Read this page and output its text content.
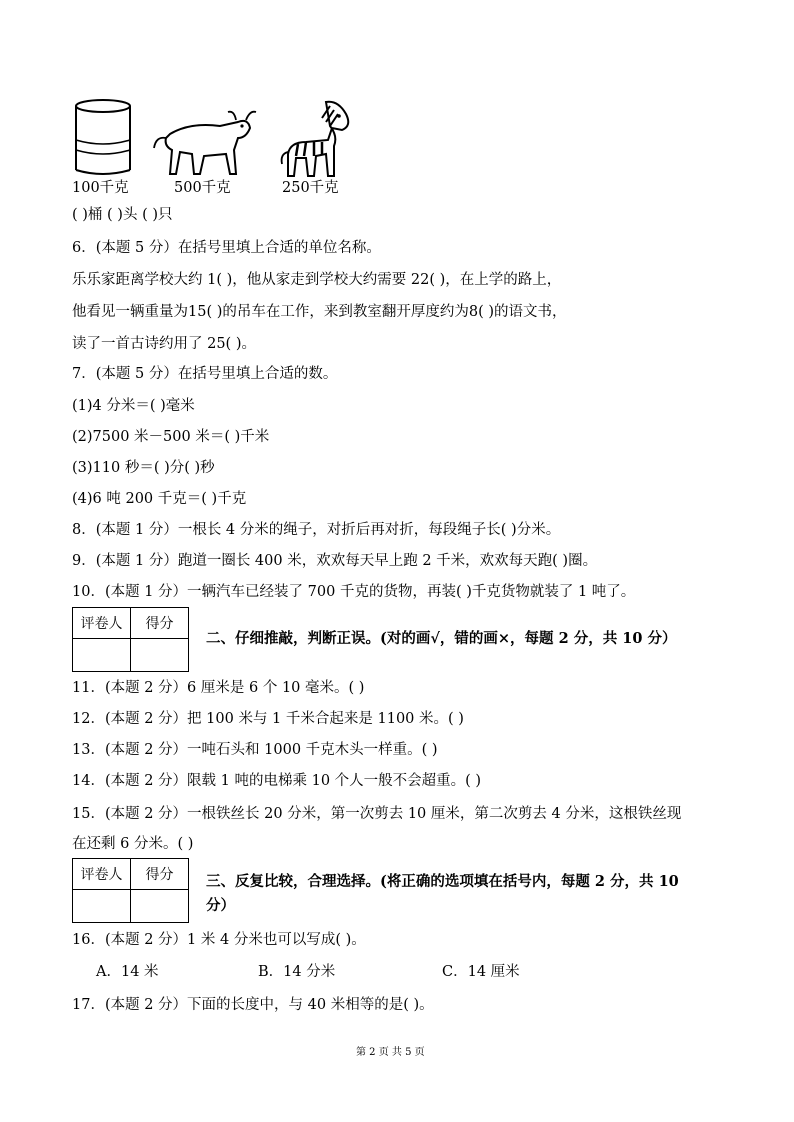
100千克	500千克	250千克
( )桶 ( )头 ( )只
6．(本题 5 分）在括号里填上合适的单位名称。
乐乐家距离学校大约 1( )，他从家走到学校大约需要 22( )，在上学的路上，
他看见一辆重量为15( )的吊车在工作，来到教室翻开厚度约为8( )的语文书，
读了一首古诗约用了 25( )。
7．(本题 5 分）在括号里填上合适的数。
(1)4 分米＝( )毫米
(2)7500 米－500 米＝( )千米
(3)110 秒＝( )分( )秒
(4)6 吨 200 千克＝( )千克
8．(本题 1 分）一根长 4 分米的绳子，对折后再对折，每段绳子长( )分米。
9．(本题 1 分）跑道一圈长 400 米，欢欢每天早上跑 2 千米，欢欢每天跑( )圈。
10．(本题 1 分）一辆汽车已经装了 700 千克的货物，再装( )千克货物就装了 1 吨了。
评卷人	得分

二、仔细推敲，判断正误。(对的画√，错的画×，每题 2 分，共 10 分）
11．(本题 2 分）6 厘米是 6 个 10 毫米。( )
12．(本题 2 分）把 100 米与 1 千米合起来是 1100 米。( )
13．(本题 2 分）一吨石头和 1000 千克木头一样重。( )
14．(本题 2 分）限载 1 吨的电梯乘 10 个人一般不会超重。( )
15．(本题 2 分）一根铁丝长 20 分米，第一次剪去 10 厘米，第二次剪去 4 分米，这根铁丝现
在还剩 6 分米。( )
评卷人	得分
	三、反复比较，合理选择。(将正确的选项填在括号内，每题 2 分，共 10
分）
16．(本题 2 分）1 米 4 分米也可以写成( )。
A．14 米	B．14 分米	C．14 厘米
17．(本题 2 分）下面的长度中，与 40 米相等的是( )。
第 2 页 共 5 页
